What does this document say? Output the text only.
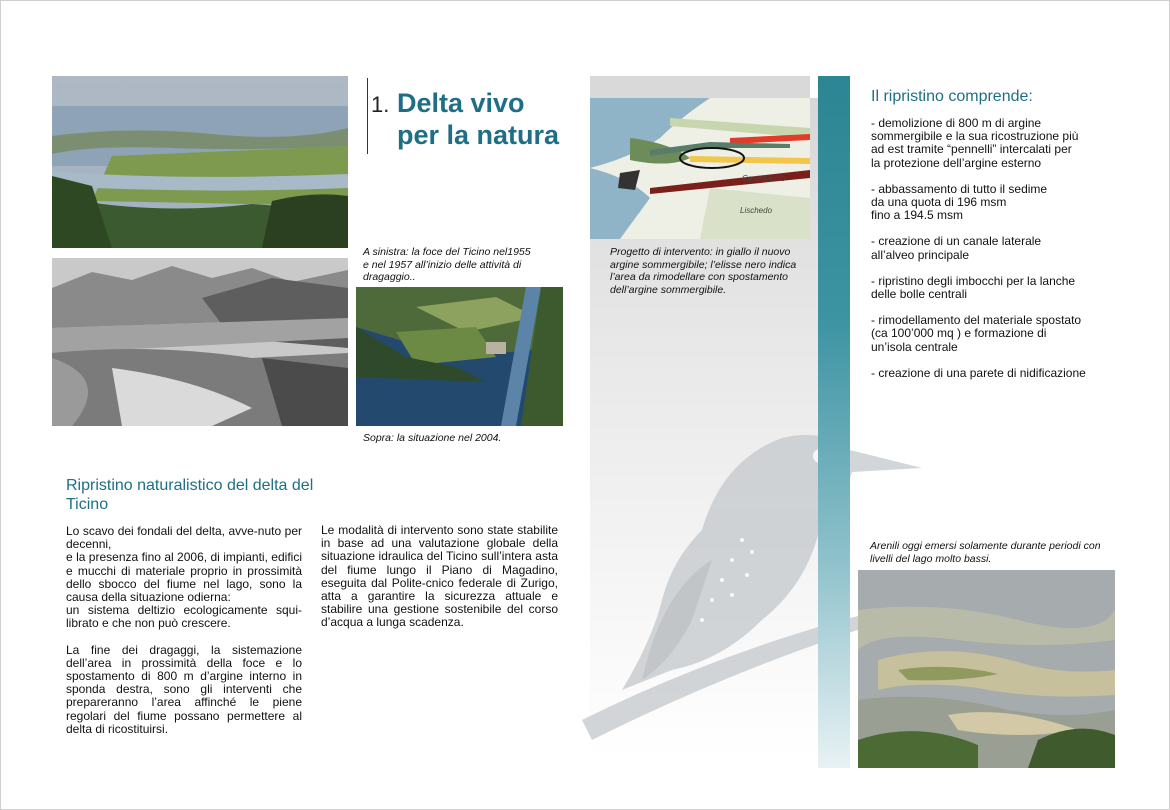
1. Delta vivo
per la natura
A sinistra: la foce del Ticino nel1955
e nel 1957 all’inizio delle attività di
dragaggio..
Sopra: la situazione nel 2004.
Ripristino naturalistico del delta del Ticino

Lo scavo dei fondali del delta, avve-nuto per decenni,
e la presenza fino al 2006, di impianti, edifici e mucchi di materiale proprio in prossimità dello sbocco del fiume nel lago, sono la causa della situazione odierna:
un sistema deltizio ecologicamente squi-librato e che non può crescere.

La fine dei dragaggi, la sistemazione dell’area in prossimità della foce e lo spostamento di 800 m d’argine interno in sponda destra, sono gli interventi che prepareranno l’area affinché le piene regolari del fiume possano permettere al delta di ricostituirsi.

Le modalità di intervento sono state stabilite in base ad una valutazione globale della situazione idraulica del Ticino sull’intera asta del fiume lungo il Piano di Magadino, eseguita dal Polite-cnico federale di Zurigo, atta a garantire la sicurezza attuale e stabilire una gestione sostenibile del corso d’acqua a lunga scadenza.

Castellaccio
Lischedo
Progetto di intervento: in giallo il nuovo
argine sommergibile; l’elisse nero indica
l’area da rimodellare con spostamento
dell’argine sommergibile.
Il ripristino comprende:
- demolizione di 800 m di argine
sommergibile e la sua ricostruzione più
ad est tramite “pennelli” intercalati per
la protezione dell’argine esterno
- abbassamento di tutto il sedime
da una quota di 196 msm
fino a 194.5 msm
- creazione di un canale laterale
all’alveo principale
- ripristino degli imbocchi per la lanche
delle bolle centrali
- rimodellamento del materiale spostato
(ca 100’000 mq ) e formazione di
un’isola centrale
- creazione di una parete di nidificazione
Arenili oggi emersi solamente durante periodi con
livelli del lago molto bassi.
